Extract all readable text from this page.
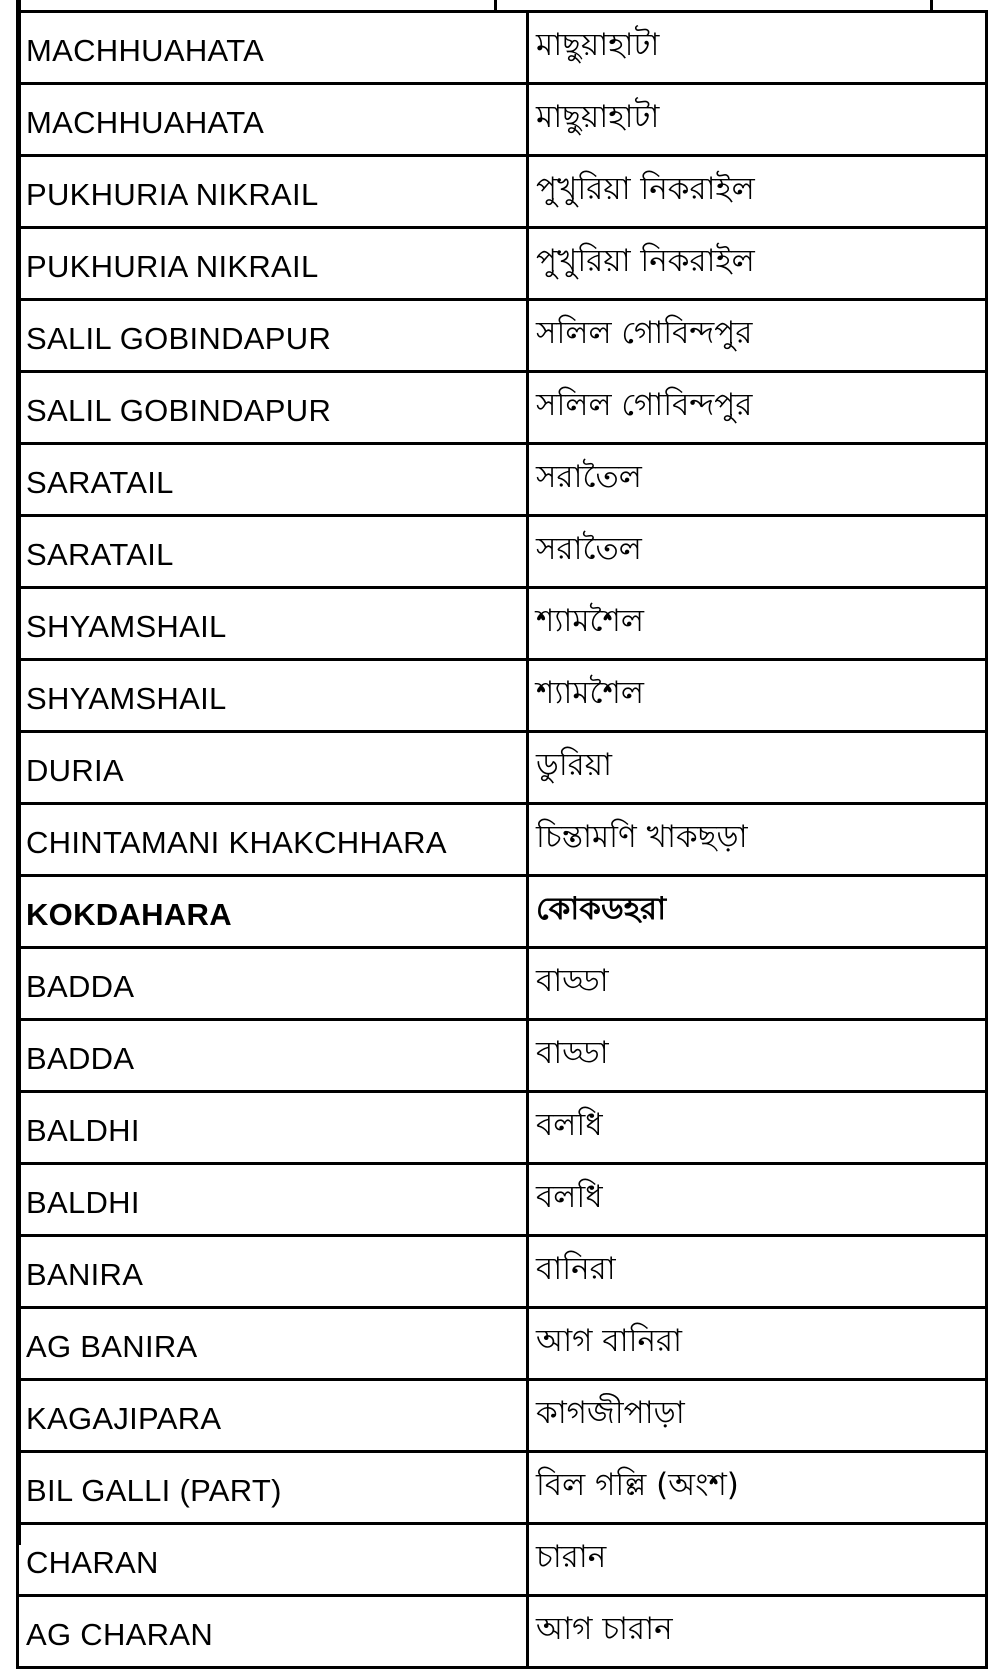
MACHHUAHATA	মাছুয়াহাটা
MACHHUAHATA	মাছুয়াহাটা
PUKHURIA NIKRAIL	পুখুরিয়া নিকরাইল
PUKHURIA NIKRAIL	পুখুরিয়া নিকরাইল
SALIL GOBINDAPUR	সলিল গোবিন্দপুর
SALIL GOBINDAPUR	সলিল গোবিন্দপুর
SARATAIL	সরাতৈল
SARATAIL	সরাতৈল
SHYAMSHAIL	শ্যামশৈল
SHYAMSHAIL	শ্যামশৈল
DURIA	ডুরিয়া
CHINTAMANI KHAKCHHARA	চিন্তামণি খাকছড়া
KOKDAHARA	কোকডহরা
BADDA	বাড্ডা
BADDA	বাড্ডা
BALDHI	বলধি
BALDHI	বলধি
BANIRA	বানিরা
AG BANIRA	আগ বানিরা
KAGAJIPARA	কাগজীপাড়া
BIL GALLI (PART)	বিল গল্লি (অংশ)
CHARAN	চারান
AG CHARAN	আগ চারান
